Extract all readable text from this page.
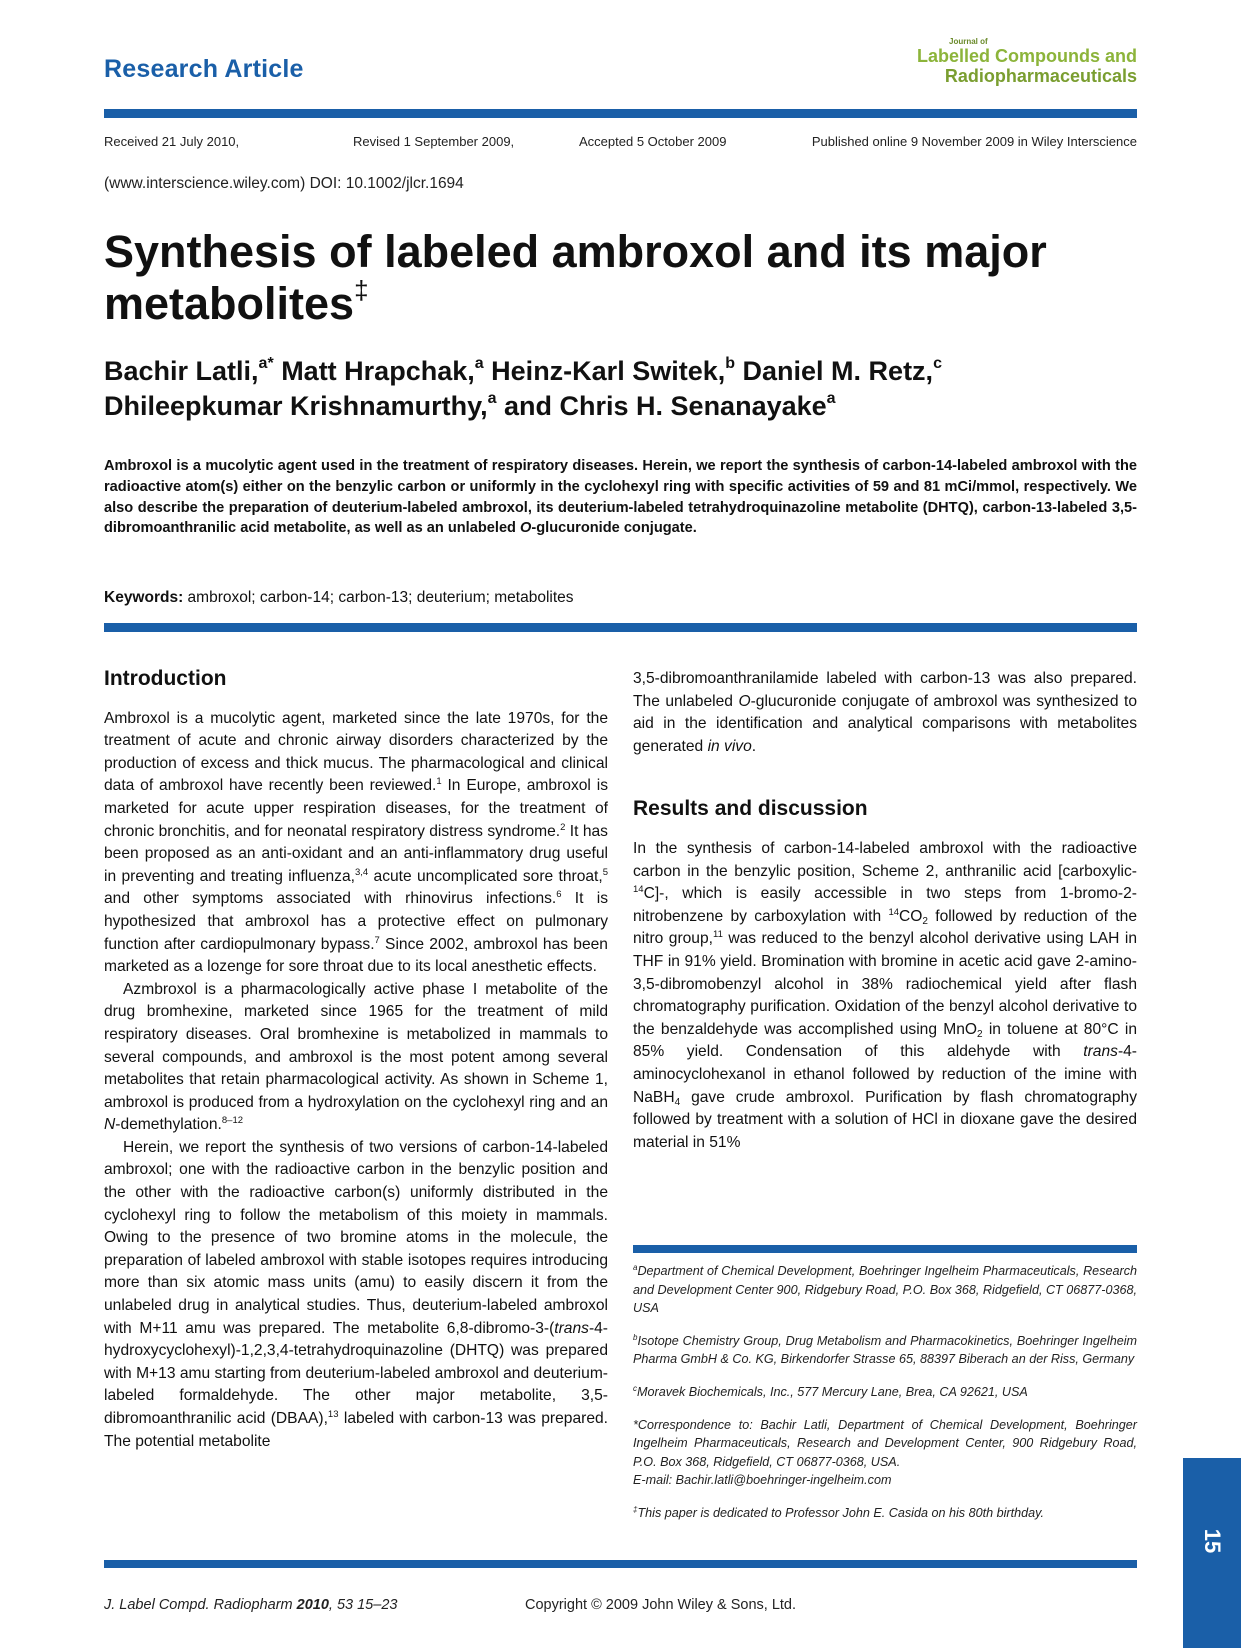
Research Article
Journal of
Labelled Compounds and
Radiopharmaceuticals
Received 21 July 2010,	Revised 1 September 2009,	Accepted 5 October 2009	Published online 9 November 2009 in Wiley Interscience
(www.interscience.wiley.com) DOI: 10.1002/jlcr.1694
Synthesis of labeled ambroxol and its major
metabolites‡
Bachir Latli,$^{a*}$ Matt Hrapchak,$^a$ Heinz-Karl Switek,$^b$ Daniel M. Retz,$^c$
Dhileepkumar Krishnamurthy,$^a$ and Chris H. Senanayake$^a$
Ambroxol is a mucolytic agent used in the treatment of respiratory diseases. Herein, we report the synthesis of carbon-14-labeled ambroxol with the radioactive atom(s) either on the benzylic carbon or uniformly in the cyclohexyl ring with specific activities of 59 and 81 mCi/mmol, respectively. We also describe the preparation of deuterium-labeled ambroxol, its deuterium-labeled tetrahydroquinazoline metabolite (DHTQ), carbon-13-labeled 3,5-dibromoanthranilic acid metabolite, as well as an unlabeled O-glucuronide conjugate.
Keywords: ambroxol; carbon-14; carbon-13; deuterium; metabolites
Introduction

Ambroxol is a mucolytic agent, marketed since the late 1970s, for the treatment of acute and chronic airway disorders characterized by the production of excess and thick mucus. The pharmacological and clinical data of ambroxol have recently been reviewed.$^1$ In Europe, ambroxol is marketed for acute upper respiration diseases, for the treatment of chronic bronchitis, and for neonatal respiratory distress syndrome.$^2$ It has been proposed as an anti-oxidant and an anti-inflammatory drug useful in preventing and treating influenza,$^{3,4}$ acute uncomplicated sore throat,$^5$ and other symptoms associated with rhinovirus infections.$^6$ It is hypothesized that ambroxol has a protective effect on pulmonary function after cardiopulmonary bypass.$^7$ Since 2002, ambroxol has been marketed as a lozenge for sore throat due to its local anesthetic effects.

Azmbroxol is a pharmacologically active phase I metabolite of the drug bromhexine, marketed since 1965 for the treatment of mild respiratory diseases. Oral bromhexine is metabolized in mammals to several compounds, and ambroxol is the most potent among several metabolites that retain pharmacological activity. As shown in Scheme 1, ambroxol is produced from a hydroxylation on the cyclohexyl ring and an N-demethylation.$^{8-12}$

Herein, we report the synthesis of two versions of carbon-14-labeled ambroxol; one with the radioactive carbon in the benzylic position and the other with the radioactive carbon(s) uniformly distributed in the cyclohexyl ring to follow the metabolism of this moiety in mammals. Owing to the presence of two bromine atoms in the molecule, the preparation of labeled ambroxol with stable isotopes requires introducing more than six atomic mass units (amu) to easily discern it from the unlabeled drug in analytical studies. Thus, deuterium-labeled ambroxol with M+11 amu was prepared. The metabolite 6,8-dibromo-3-(trans-4-hydroxycyclohexyl)-1,2,3,4-tetrahydroquinazoline (DHTQ) was prepared with M+13 amu starting from deuterium-labeled ambroxol and deuterium-labeled formaldehyde. The other major metabolite, 3,5-dibromoanthranilic acid (DBAA),$^{13}$ labeled with carbon-13 was prepared. The potential metabolite

3,5-dibromoanthranilamide labeled with carbon-13 was also prepared. The unlabeled O-glucuronide conjugate of ambroxol was synthesized to aid in the identification and analytical comparisons with metabolites generated in vivo.

Results and discussion

In the synthesis of carbon-14-labeled ambroxol with the radioactive carbon in the benzylic position, Scheme 2, anthranilic acid [carboxylic-$^{14}$C]-, which is easily accessible in two steps from 1-bromo-2-nitrobenzene by carboxylation with $^{14}CO_2$ followed by reduction of the nitro group,$^{11}$ was reduced to the benzyl alcohol derivative using LAH in THF in 91% yield. Bromination with bromine in acetic acid gave 2-amino-3,5-dibromobenzyl alcohol in 38% radiochemical yield after flash chromatography purification. Oxidation of the benzyl alcohol derivative to the benzaldehyde was accomplished using MnO$_2$ in toluene at 80°C in 85% yield. Condensation of this aldehyde with trans-4-aminocyclohexanol in ethanol followed by reduction of the imine with NaBH$_4$ gave crude ambroxol. Purification by flash chromatography followed by treatment with a solution of HCl in dioxane gave the desired material in 51%

$^a$Department of Chemical Development, Boehringer Ingelheim Pharmaceuticals, Research and Development Center 900, Ridgebury Road, P.O. Box 368, Ridgefield, CT 06877-0368, USA

$^b$Isotope Chemistry Group, Drug Metabolism and Pharmacokinetics, Boehringer Ingelheim Pharma GmbH & Co. KG, Birkendorfer Strasse 65, 88397 Biberach an der Riss, Germany

$^c$Moravek Biochemicals, Inc., 577 Mercury Lane, Brea, CA 92621, USA

*Correspondence to: Bachir Latli, Department of Chemical Development, Boehringer Ingelheim Pharmaceuticals, Research and Development Center, 900 Ridgebury Road, P.O. Box 368, Ridgefield, CT 06877-0368, USA.
E-mail: Bachir.latli@boehringer-ingelheim.com

‡This paper is dedicated to Professor John E. Casida on his 80th birthday.

J. Label Compd. Radiopharm 2010, 53 15–23	Copyright © 2009 John Wiley & Sons, Ltd.
15
